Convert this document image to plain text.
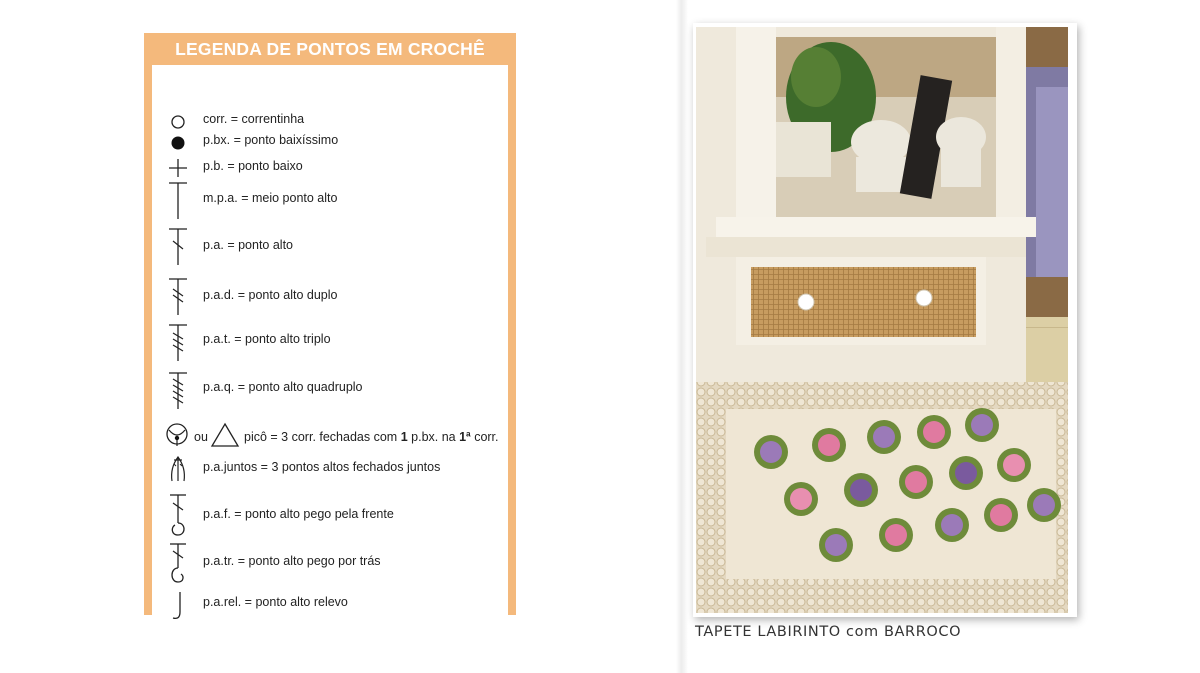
LEGENDA DE PONTOS EM CROCHÊ
corr. = correntinha
p.bx. = ponto baixíssimo
p.b. = ponto baixo
m.p.a. = meio ponto alto
p.a. = ponto alto
p.a.d. = ponto alto duplo
p.a.t. = ponto alto triplo
p.a.q. = ponto alto quadruplo
ou	picô = 3 corr. fechadas com 1 p.bx. na 1ª corr.
p.a.juntos = 3 pontos altos fechados juntos
p.a.f. = ponto alto pego pela frente
p.a.tr. = ponto alto pego por trás
p.a.rel. = ponto alto relevo
TAPETE LABIRINTO com BARROCO
